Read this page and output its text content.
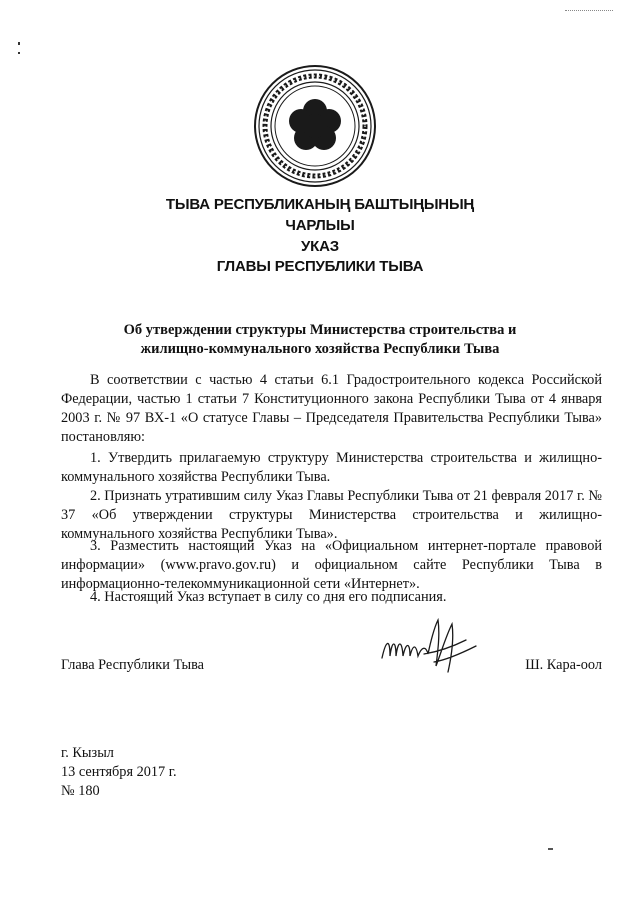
ТЫВА РЕСПУБЛИКАНЫҢ БАШТЫҢЫНЫҢ
ЧАРЛЫЫ
УКАЗ
ГЛАВЫ РЕСПУБЛИКИ ТЫВА
Об утверждении структуры Министерства строительства и
жилищно-коммунального хозяйства Республики Тыва
В соответствии с частью 4 статьи 6.1 Градостроительного кодекса Российской Федерации, частью 1 статьи 7 Конституционного закона Республики Тыва от 4 января 2003 г. № 97 ВХ-1 «О статусе Главы – Председателя Правительства Республики Тыва» постановляю:
1. Утвердить прилагаемую структуру Министерства строительства и жилищно-коммунального хозяйства Республики Тыва.
2. Признать утратившим силу Указ Главы Республики Тыва от 21 февраля 2017 г. № 37 «Об утверждении структуры Министерства строительства и жилищно-коммунального хозяйства Республики Тыва».
3. Разместить настоящий Указ на «Официальном интернет-портале правовой информации» (www.pravo.gov.ru) и официальном сайте Республики Тыва в информационно-телекоммуникационной сети «Интернет».
4. Настоящий Указ вступает в силу со дня его подписания.
Глава Республики Тыва	Ш. Кара-оол
г. Кызыл
13 сентября 2017 г.
№ 180
